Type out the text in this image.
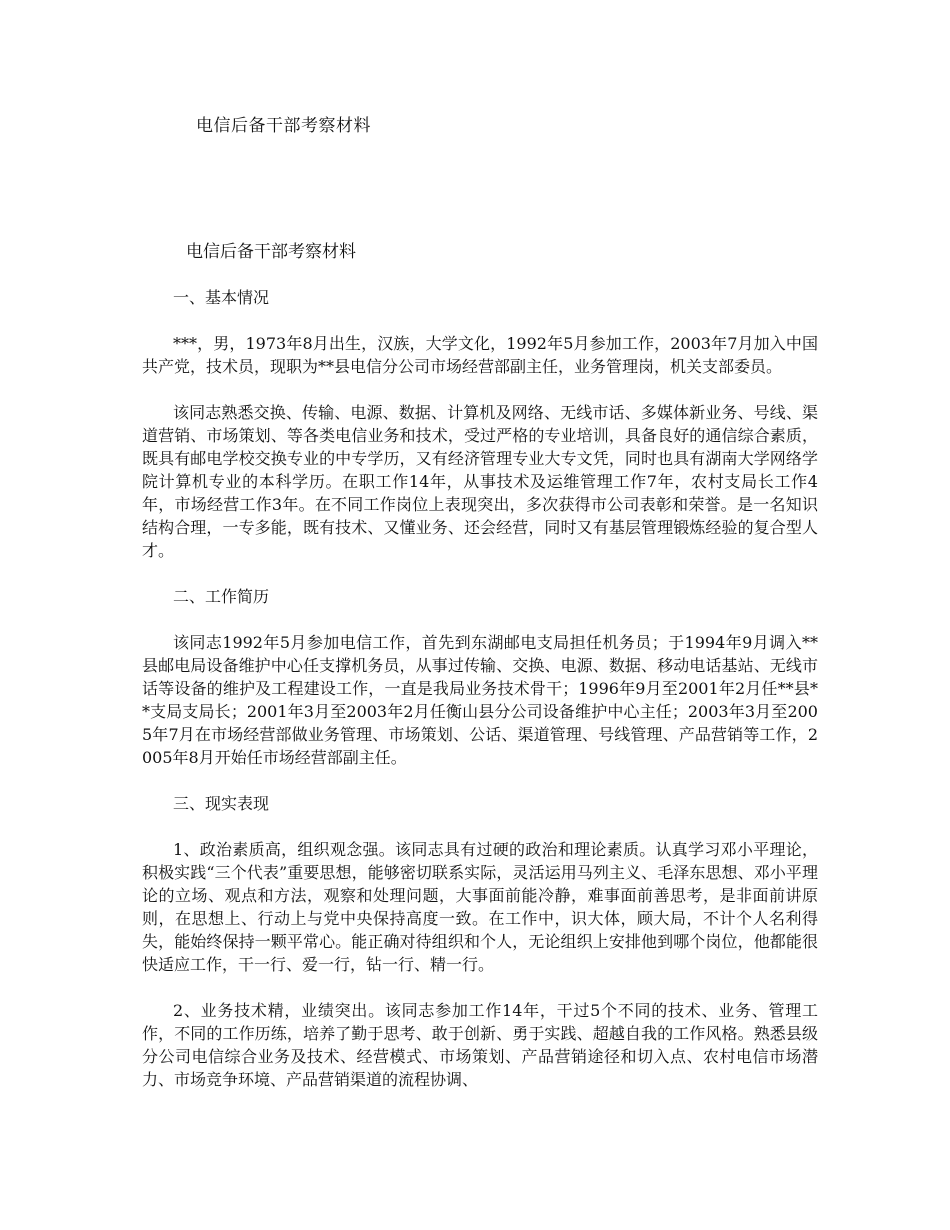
电信后备干部考察材料
电信后备干部考察材料
一、基本情况

***，男，1973年8月出生，汉族，大学文化，1992年5月参加工作，2003年7月加入中国共产党，技术员，现职为**县电信分公司市场经营部副主任，业务管理岗，机关支部委员。

该同志熟悉交换、传输、电源、数据、计算机及网络、无线市话、多媒体新业务、号线、渠道营销、市场策划、等各类电信业务和技术，受过严格的专业培训，具备良好的通信综合素质，既具有邮电学校交换专业的中专学历，又有经济管理专业大专文凭，同时也具有湖南大学网络学院计算机专业的本科学历。在职工作14年，从事技术及运维管理工作7年，农村支局长工作4年，市场经营工作3年。在不同工作岗位上表现突出，多次获得市公司表彰和荣誉。是一名知识结构合理，一专多能，既有技术、又懂业务、还会经营，同时又有基层管理锻炼经验的复合型人才。

二、工作简历

该同志1992年5月参加电信工作，首先到东湖邮电支局担任机务员；于1994年9月调入**县邮电局设备维护中心任支撑机务员，从事过传输、交换、电源、数据、移动电话基站、无线市话等设备的维护及工程建设工作，一直是我局业务技术骨干；1996年9月至2001年2月任**县**支局支局长；2001年3月至2003年2月任衡山县分公司设备维护中心主任；2003年3月至2005年7月在市场经营部做业务管理、市场策划、公话、渠道管理、号线管理、产品营销等工作，2005年8月开始任市场经营部副主任。

三、现实表现

1、政治素质高，组织观念强。该同志具有过硬的政治和理论素质。认真学习邓小平理论，积极实践“三个代表”重要思想，能够密切联系实际，灵活运用马列主义、毛泽东思想、邓小平理论的立场、观点和方法，观察和处理问题，大事面前能冷静，难事面前善思考，是非面前讲原则，在思想上、行动上与党中央保持高度一致。在工作中，识大体，顾大局，不计个人名利得失，能始终保持一颗平常心。能正确对待组织和个人，无论组织上安排他到哪个岗位，他都能很快适应工作，干一行、爱一行，钻一行、精一行。

2、业务技术精，业绩突出。该同志参加工作14年，干过5个不同的技术、业务、管理工作，不同的工作历练，培养了勤于思考、敢于创新、勇于实践、超越自我的工作风格。熟悉县级分公司电信综合业务及技术、经营模式、市场策划、产品营销途径和切入点、农村电信市场潜力、市场竞争环境、产品营销渠道的流程协调、
